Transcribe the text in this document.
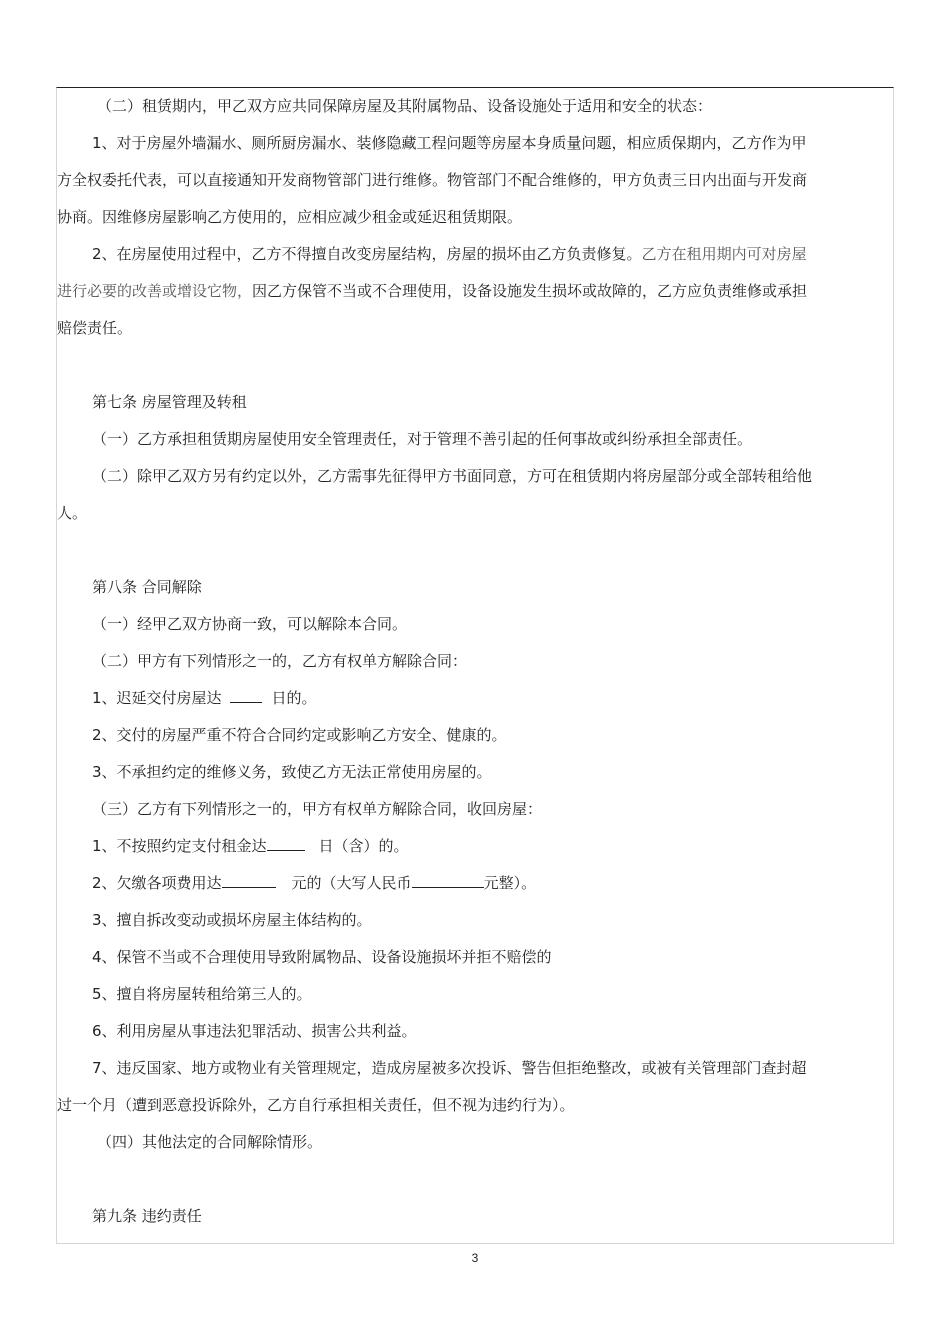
（二）租赁期内，甲乙双方应共同保障房屋及其附属物品、设备设施处于适用和安全的状态：
1、对于房屋外墙漏水、厕所厨房漏水、装修隐藏工程问题等房屋本身质量问题，相应质保期内，乙方作为甲
方全权委托代表，可以直接通知开发商物管部门进行维修。物管部门不配合维修的，甲方负责三日内出面与开发商
协商。因维修房屋影响乙方使用的，应相应减少租金或延迟租赁期限。
2、在房屋使用过程中，乙方不得擅自改变房屋结构，房屋的损坏由乙方负责修复。乙方在租用期内可对房屋
进行必要的改善或增设它物，因乙方保管不当或不合理使用，设备设施发生损坏或故障的，乙方应负责维修或承担
赔偿责任。
第七条 房屋管理及转租
（一）乙方承担租赁期房屋使用安全管理责任，对于管理不善引起的任何事故或纠纷承担全部责任。
（二）除甲乙双方另有约定以外，乙方需事先征得甲方书面同意，方可在租赁期内将房屋部分或全部转租给他
人。
第八条 合同解除
（一）经甲乙双方协商一致，可以解除本合同。
（二）甲方有下列情形之一的，乙方有权单方解除合同：
1、迟延交付房屋达	日的。
2、交付的房屋严重不符合合同约定或影响乙方安全、健康的。
3、不承担约定的维修义务，致使乙方无法正常使用房屋的。
（三）乙方有下列情形之一的，甲方有权单方解除合同，收回房屋：
1、不按照约定支付租金达	日（含）的。
2、欠缴各项费用达	元的（大写人民币	元整）。
3、擅自拆改变动或损坏房屋主体结构的。
4、保管不当或不合理使用导致附属物品、设备设施损坏并拒不赔偿的
5、擅自将房屋转租给第三人的。
6、利用房屋从事违法犯罪活动、损害公共利益。
7、违反国家、地方或物业有关管理规定，造成房屋被多次投诉、警告但拒绝整改，或被有关管理部门查封超
过一个月（遭到恶意投诉除外，乙方自行承担相关责任，但不视为违约行为）。
（四）其他法定的合同解除情形。
第九条 违约责任
3
